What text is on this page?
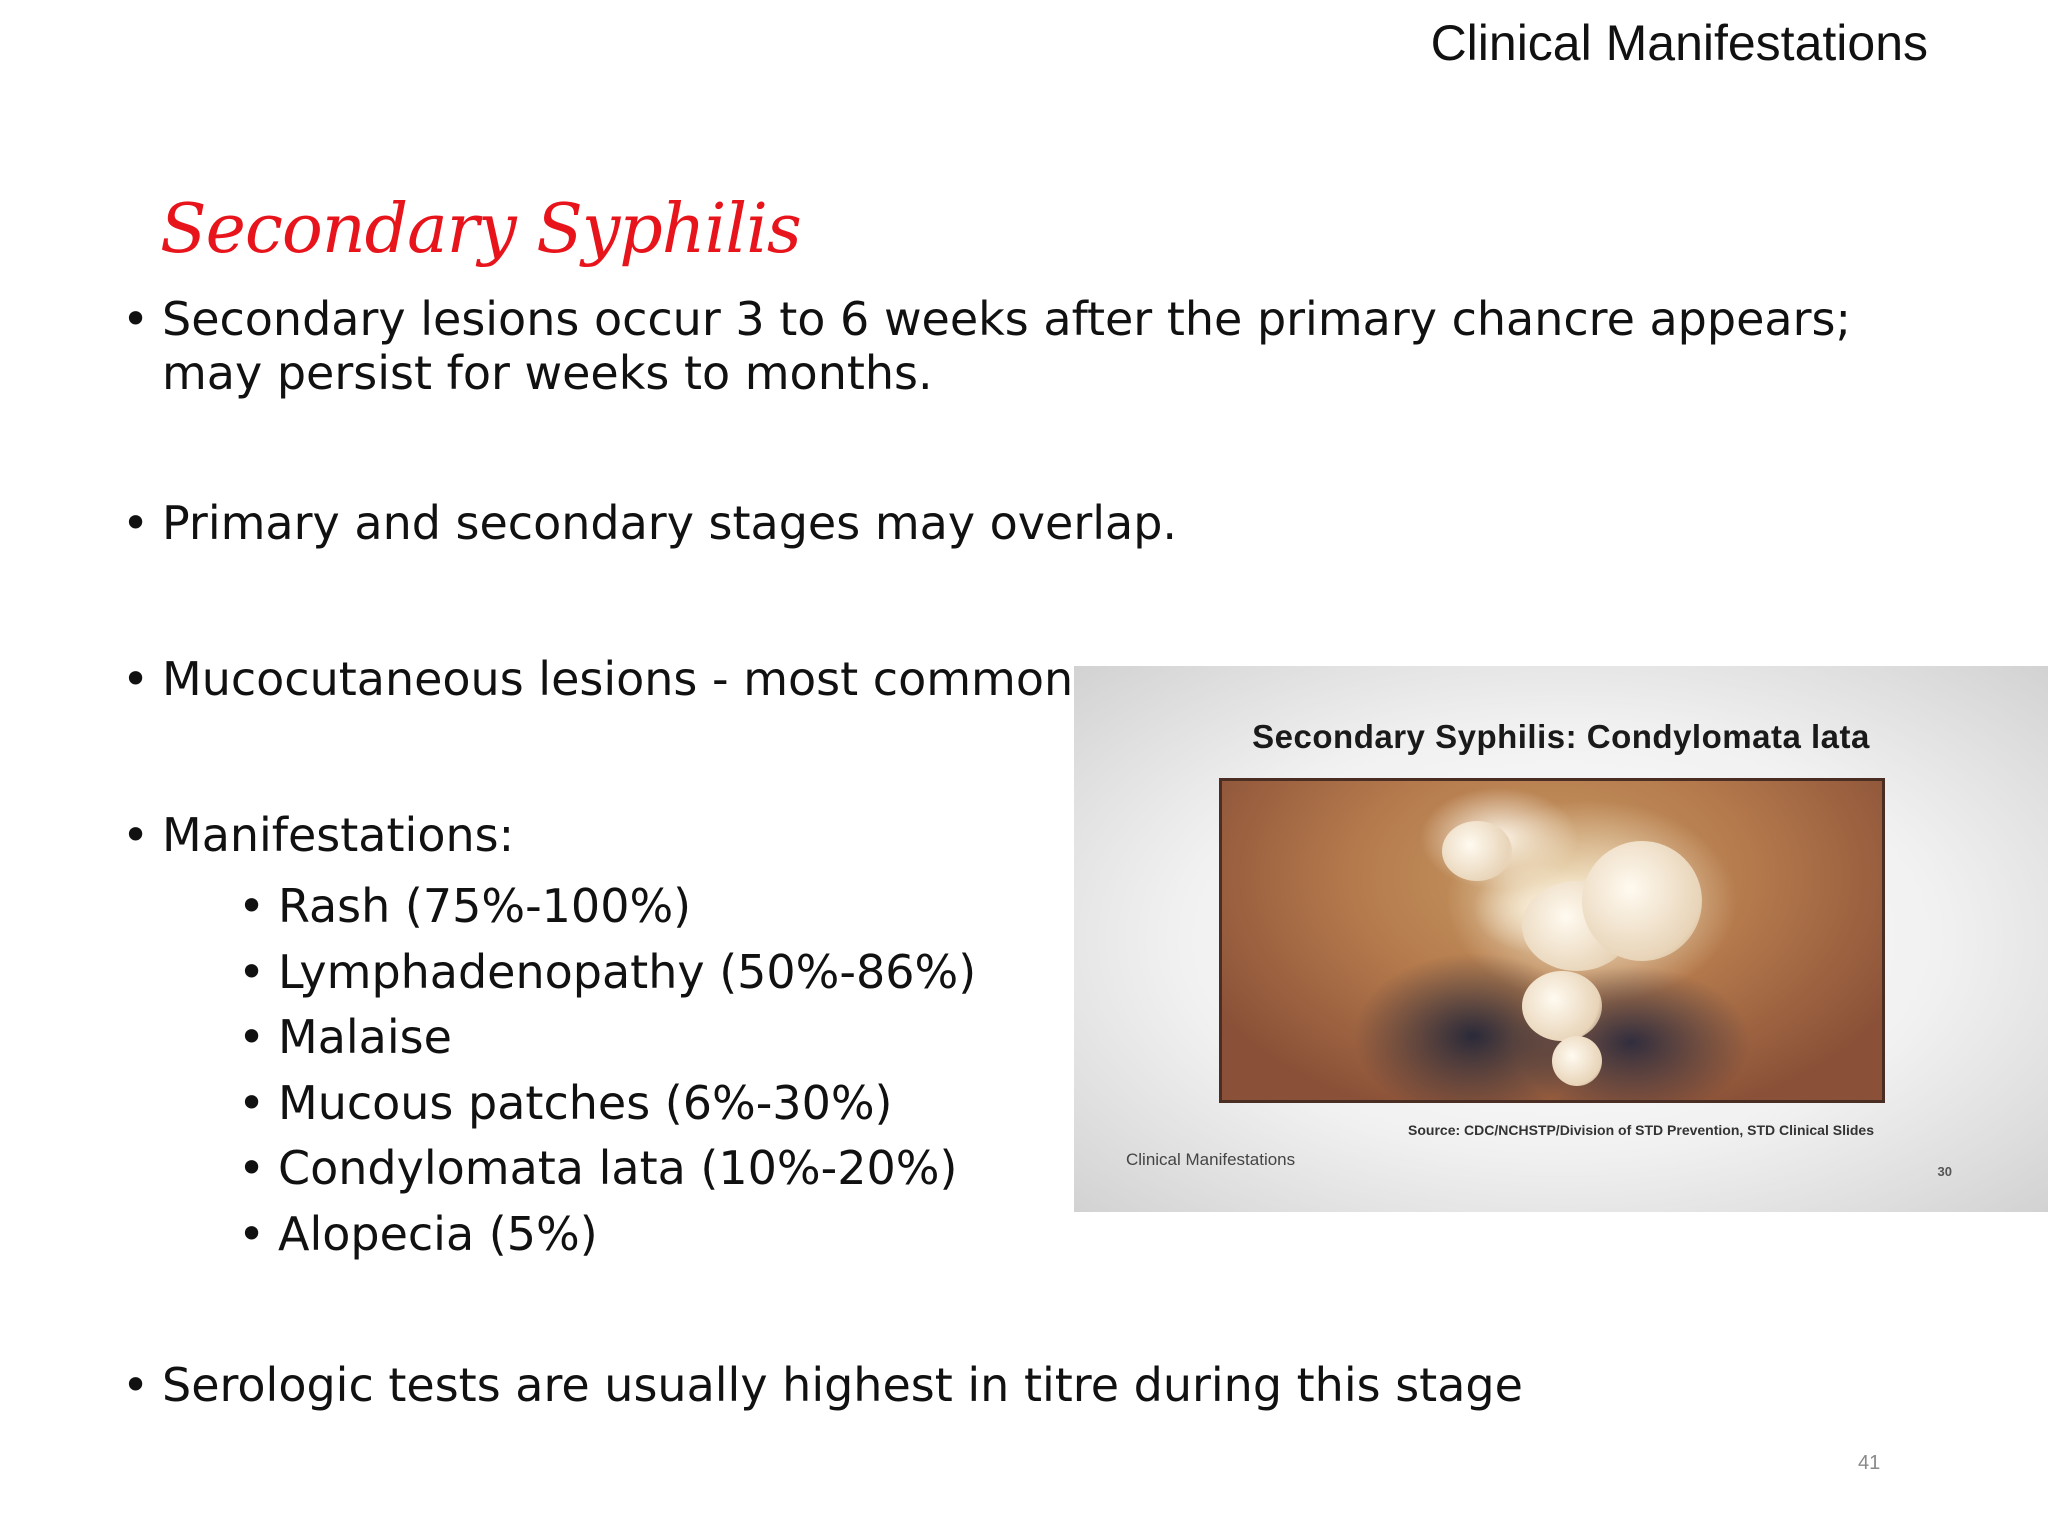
Clinical Manifestations
Secondary Syphilis
• Secondary lesions occur 3 to 6 weeks after the primary chancre appears; may persist for weeks to months.
• Primary and secondary stages may overlap.
• Mucocutaneous lesions - most common
• Manifestations:
• Rash (75%-100%)
• Lymphadenopathy (50%-86%)
• Malaise
• Mucous patches (6%-30%)
• Condylomata lata (10%-20%)
• Alopecia (5%)
• Serologic tests are usually highest in titre during this stage
Secondary Syphilis: Condylomata lata
Source: CDC/NCHSTP/Division of STD Prevention, STD Clinical Slides
Clinical Manifestations
30
41
